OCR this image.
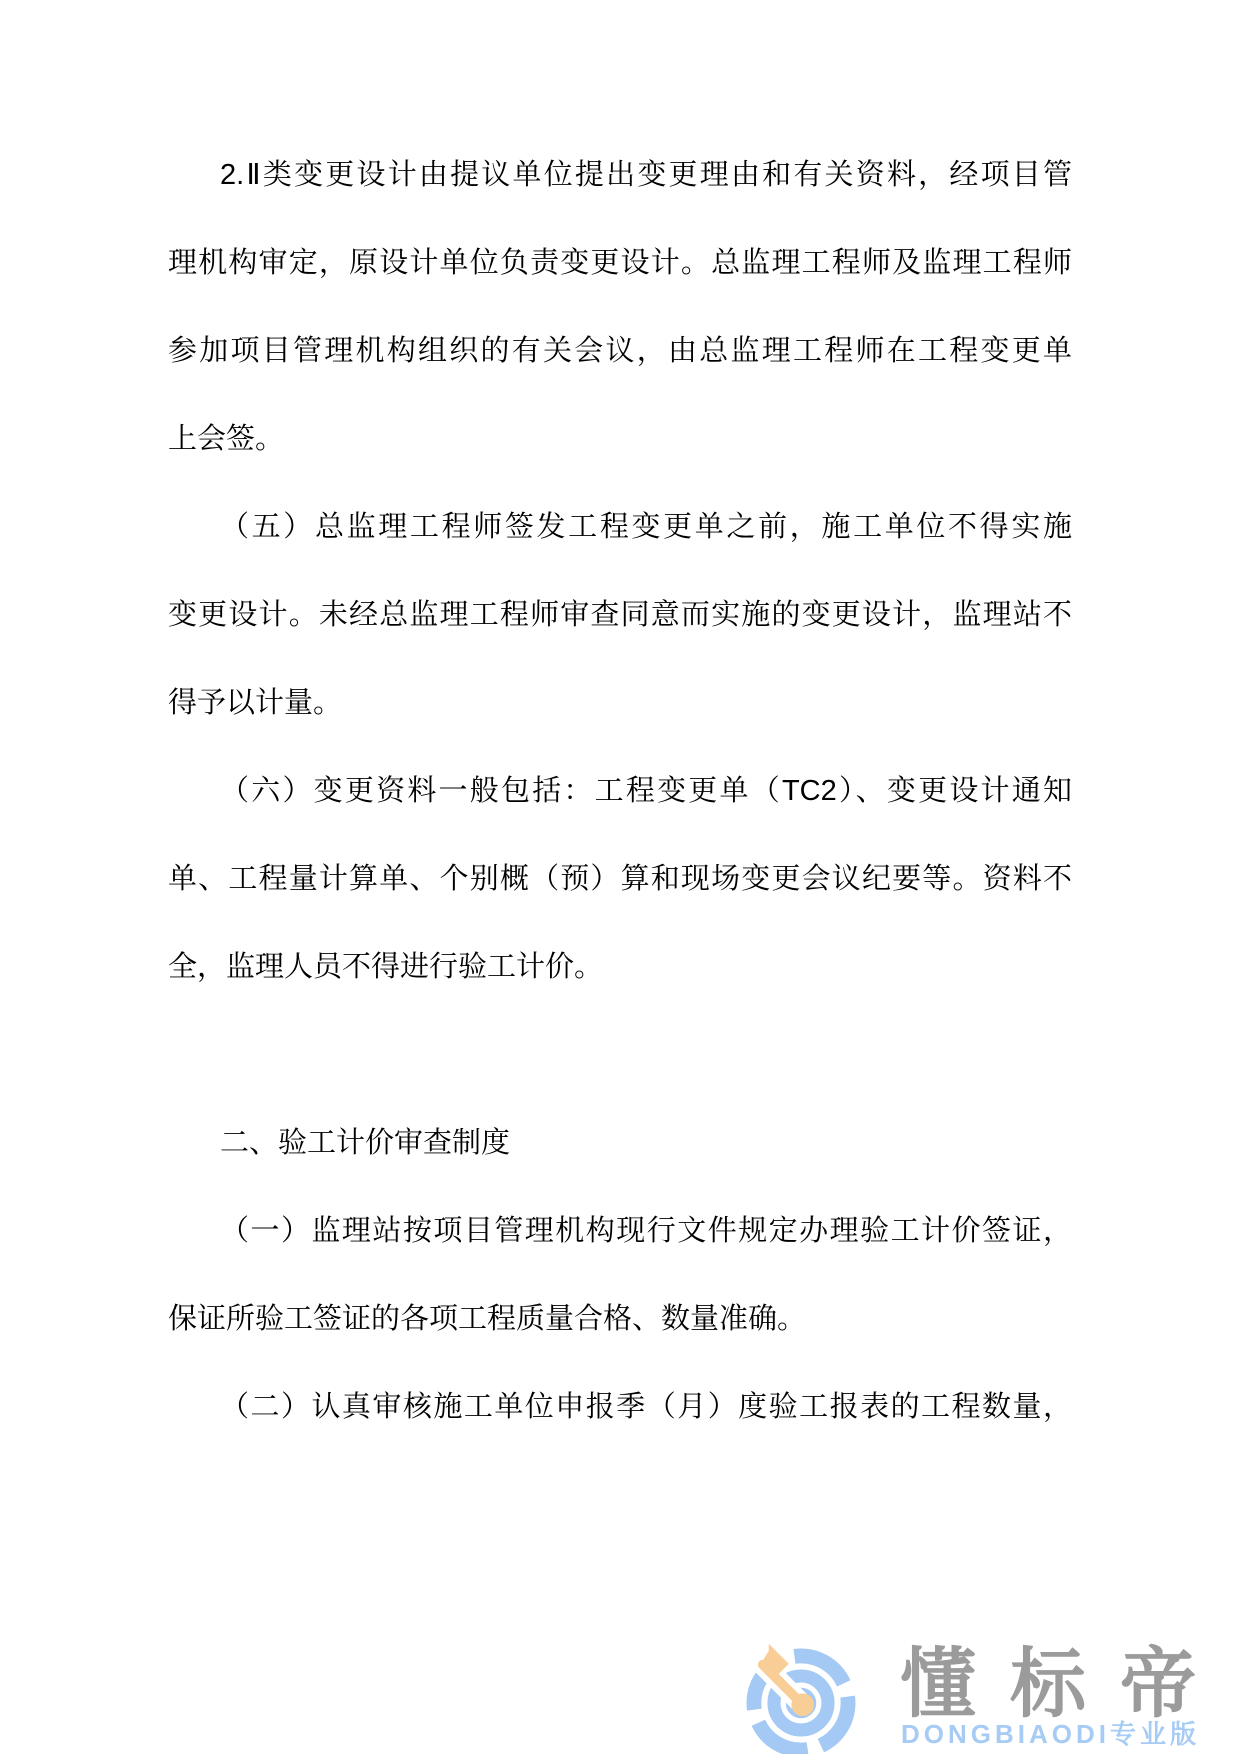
2.Ⅱ类变更设计由提议单位提出变更理由和有关资料，经项目管
理机构审定，原设计单位负责变更设计。总监理工程师及监理工程师
参加项目管理机构组织的有关会议，由总监理工程师在工程变更单
上会签。
（五）总监理工程师签发工程变更单之前，施工单位不得实施
变更设计。未经总监理工程师审查同意而实施的变更设计，监理站不
得予以计量。
（六）变更资料一般包括：工程变更单（TC2）、变更设计通知
单、工程量计算单、个别概（预）算和现场变更会议纪要等。资料不
全，监理人员不得进行验工计价。
二、验工计价审查制度
（一）监理站按项目管理机构现行文件规定办理验工计价签证，
保证所验工签证的各项工程质量合格、数量准确。
（二）认真审核施工单位申报季（月）度验工报表的工程数量，
懂标帝
DONGBIAODI专业版
